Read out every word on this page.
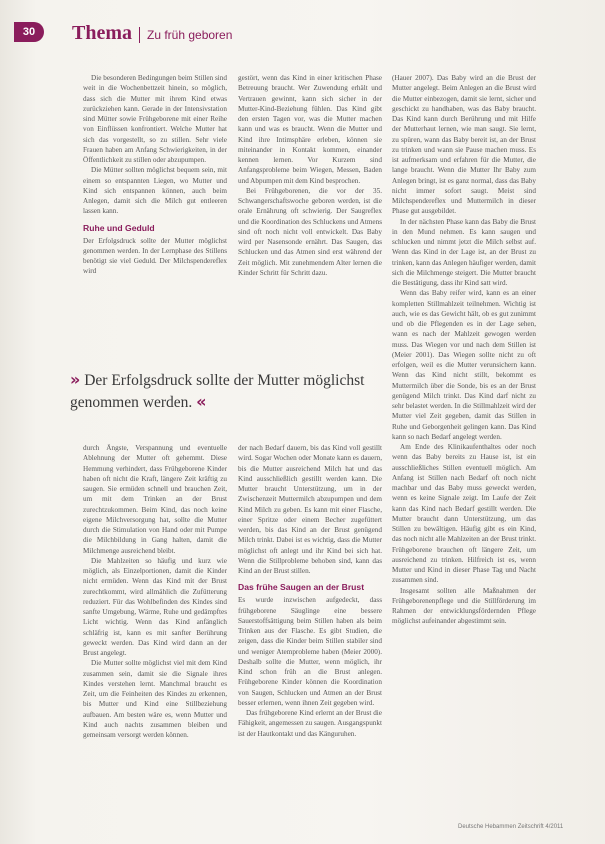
30	Thema Zu früh geboren

Die besonderen Bedingungen beim Stillen sind weit in die Wochenbettzeit hinein, so möglich, dass sich die Mutter mit ihrem Kind etwas zurückziehen kann. Gerade in der Intensivstation sind Mütter sowie Frühgeborene mit einer Reihe von Einflüssen konfrontiert. Welche Mutter hat sich das vorgestellt, so zu stillen. Sehr viele Frauen haben am Anfang Schwierigkeiten, in der Öffentlichkeit zu stillen oder abzupumpen.

Die Mütter sollten möglichst bequem sein, mit einem so entspannten Liegen, wo Mutter und Kind sich entspannen können, auch beim Anlegen, damit sich die Milch gut entleeren lassen kann.

Ruhe und Geduld

Der Erfolgsdruck sollte der Mutter möglichst genommen werden. In der Lernphase des Stillens benötigt sie viel Geduld. Der Milchspendereflex wird

gestört, wenn das Kind in einer kritischen Phase Betreuung braucht. Wer Zuwendung erhält und Vertrauen gewinnt, kann sich sicher in der Mutter-Kind-Beziehung fühlen. Das Kind gibt den ersten Tagen vor, was die Mutter machen kann und was es braucht. Wenn die Mutter und Kind ihre Intimsphäre erleben, können sie miteinander in Kontakt kommen, einander kennen lernen. Vor Kurzem sind Anfangsprobleme beim Wiegen, Messen, Baden und Abpumpen mit dem Kind besprochen.

Bei Frühgeborenen, die vor der 35. Schwangerschaftswoche geboren werden, ist die orale Ernährung oft schwierig. Der Saugreflex und die Koordination des Schluckens und Atmens sind oft noch nicht voll entwickelt. Das Baby wird per Nasensonde ernährt. Das Saugen, das Schlucken und das Atmen sind erst während der Zeit möglich. Mit zunehmendem Alter lernen die Kinder Schritt für Schritt dazu.

» Der Erfolgsdruck sollte der Mutter möglichst genommen werden. «

(Hauer 2007). Das Baby wird an die Brust der Mutter angelegt. Beim Anlegen an die Brust wird die Mutter einbezogen, damit sie lernt, sicher und geschickt zu handhaben, was das Baby braucht. Das Kind kann durch Berührung und mit Hilfe der Mutterhaut lernen, wie man saugt. Sie lernt, zu spüren, wann das Baby bereit ist, an der Brust zu trinken und wann sie Pause machen muss. Es ist aufmerksam und erfahren für die Mutter, die lange braucht. Wenn die Mutter Ihr Baby zum Anlegen bringt, ist es ganz normal, dass das Baby nicht immer sofort saugt. Meist sind Milchspendereflex und Muttermilch in dieser Phase gut ausgebildet.

In der nächsten Phase kann das Baby die Brust in den Mund nehmen. Es kann saugen und schlucken und nimmt jetzt die Milch selbst auf. Wenn das Kind in der Lage ist, an der Brust zu trinken, kann das Anlegen häufiger werden, damit sich die Milchmenge steigert. Die Mutter braucht die Bestätigung, dass ihr Kind satt wird.

Wenn das Baby reifer wird, kann es an einer kompletten Stillmahlzeit teilnehmen. Wichtig ist auch, wie es das Gewicht hält, ob es gut zunimmt und ob die Pflegenden es in der Lage sehen, wann es nach der Mahlzeit gewogen werden muss. Das Wiegen vor und nach dem Stillen ist (Meier 2001). Das Wiegen sollte nicht zu oft erfolgen, weil es die Mutter verunsichern kann. Wenn das Kind nicht stillt, bekommt es Muttermilch über die Sonde, bis es an der Brust genügend Milch trinkt. Das Kind darf nicht zu sehr belastet werden. In die Stillmahlzeit wird der Mutter viel Zeit gegeben, damit das Stillen in Ruhe und Geborgenheit gelingen kann. Das Kind kann so nach Bedarf angelegt werden.

Am Ende des Klinikaufenthaltes oder noch wenn das Baby bereits zu Hause ist, ist ein ausschließliches Stillen eventuell möglich. Am Anfang ist Stillen nach Bedarf oft noch nicht machbar und das Baby muss geweckt werden, wenn es keine Signale zeigt. Im Laufe der Zeit kann das Kind nach Bedarf gestillt werden. Die Mutter braucht dann Unterstützung, um das Stillen zu bewältigen. Häufig gibt es ein Kind, das noch nicht alle Mahlzeiten an der Brust trinkt. Frühgeborene brauchen oft längere Zeit, um ausreichend zu trinken. Hilfreich ist es, wenn Mutter und Kind in dieser Phase Tag und Nacht zusammen sind.

Insgesamt sollten alle Maßnahmen der Frühgeborenenpflege und die Stillförderung im Rahmen der entwicklungsfördernden Pflege möglichst aufeinander abgestimmt sein.

durch Ängste, Verspannung und eventuelle Ablehnung der Mutter oft gehemmt. Diese Hemmung verhindert, dass Frühgeborene Kinder haben oft nicht die Kraft, längere Zeit kräftig zu saugen. Sie ermüden schnell und brauchen Zeit, um mit dem Trinken an der Brust zurechtzukommen. Beim Kind, das noch keine eigene Milchversorgung hat, sollte die Mutter durch die Stimulation von Hand oder mit Pumpe die Milchbildung in Gang halten, damit die Milchmenge ausreichend bleibt.

Die Mahlzeiten so häufig und kurz wie möglich, als Einzelportionen, damit die Kinder nicht ermüden. Wenn das Kind mit der Brust zurechtkommt, wird allmählich die Zufütterung reduziert. Für das Wohlbefinden des Kindes sind sanfte Umgebung, Wärme, Ruhe und gedämpftes Licht wichtig. Wenn das Kind anfänglich schläfrig ist, kann es mit sanfter Berührung geweckt werden. Das Kind wird dann an der Brust angelegt.

Die Mutter sollte möglichst viel mit dem Kind zusammen sein, damit sie die Signale ihres Kindes verstehen lernt. Manchmal braucht es Zeit, um die Feinheiten des Kindes zu erkennen, bis Mutter und Kind eine Stillbeziehung aufbauen. Am besten wäre es, wenn Mutter und Kind auch nachts zusammen bleiben und gemeinsam versorgt werden können.

der nach Bedarf dauern, bis das Kind voll gestillt wird. Sogar Wochen oder Monate kann es dauern, bis die Mutter ausreichend Milch hat und das Kind ausschließlich gestillt werden kann. Die Mutter braucht Unterstützung, um in der Zwischenzeit Muttermilch abzupumpen und dem Kind Milch zu geben. Es kann mit einer Flasche, einer Spritze oder einem Becher zugefüttert werden, bis das Kind an der Brust genügend Milch trinkt. Dabei ist es wichtig, dass die Mutter möglichst oft anlegt und ihr Kind bei sich hat. Wenn die Stillprobleme behoben sind, kann das Kind an der Brust stillen.

Das frühe Saugen an der Brust

Es wurde inzwischen aufgedeckt, dass frühgeborene Säuglinge eine bessere Sauerstoffsättigung beim Stillen haben als beim Trinken aus der Flasche. Es gibt Studien, die zeigen, dass die Kinder beim Stillen stabiler sind und weniger Atemprobleme haben (Meier 2000). Deshalb sollte die Mutter, wenn möglich, ihr Kind schon früh an die Brust anlegen. Frühgeborene Kinder können die Koordination von Saugen, Schlucken und Atmen an der Brust besser erlernen, wenn ihnen Zeit gegeben wird.

Das frühgeborene Kind erlernt an der Brust die Fähigkeit, angemessen zu saugen. Ausgangspunkt ist der Hautkontakt und das Känguruhen.

Deutsche Hebammen Zeitschrift 4/2011
